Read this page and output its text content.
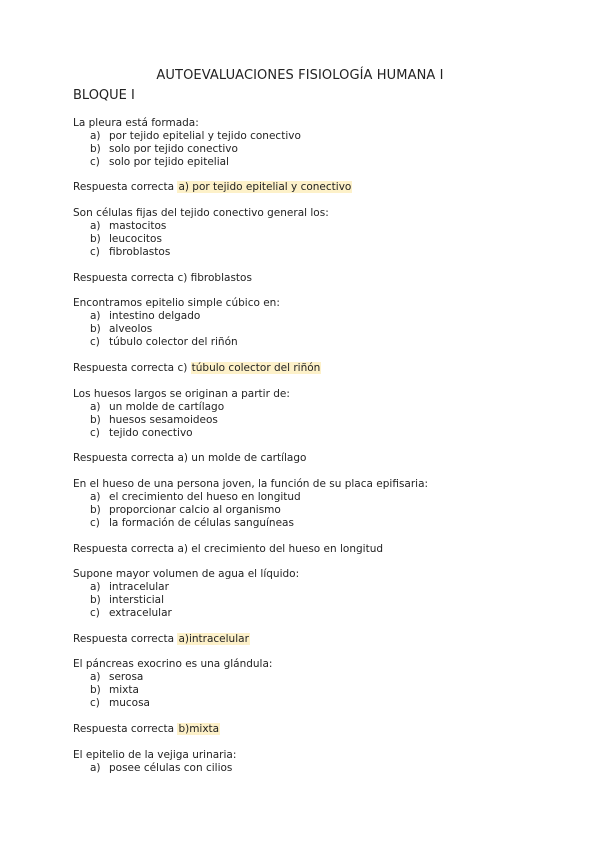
AUTOEVALUACIONES FISIOLOGÍA HUMANA I
BLOQUE I
La pleura está formada:
a) por tejido epitelial y tejido conectivo
b) solo por tejido conectivo
c) solo por tejido epitelial
Respuesta correcta a) por tejido epitelial y conectivo
Son células fijas del tejido conectivo general los:
a) mastocitos
b) leucocitos
c) fibroblastos
Respuesta correcta c) fibroblastos
Encontramos epitelio simple cúbico en:
a) intestino delgado
b) alveolos
c) túbulo colector del riñón
Respuesta correcta c) túbulo colector del riñón
Los huesos largos se originan a partir de:
a) un molde de cartílago
b) huesos sesamoideos
c) tejido conectivo
Respuesta correcta a) un molde de cartílago
En el hueso de una persona joven, la función de su placa epifisaria:
a) el crecimiento del hueso en longitud
b) proporcionar calcio al organismo
c) la formación de células sanguíneas
Respuesta correcta a) el crecimiento del hueso en longitud
Supone mayor volumen de agua el líquido:
a) intracelular
b) intersticial
c) extracelular
Respuesta correcta a)intracelular
El páncreas exocrino es una glándula:
a) serosa
b) mixta
c) mucosa
Respuesta correcta b)mixta
El epitelio de la vejiga urinaria:
a) posee células con cilios
